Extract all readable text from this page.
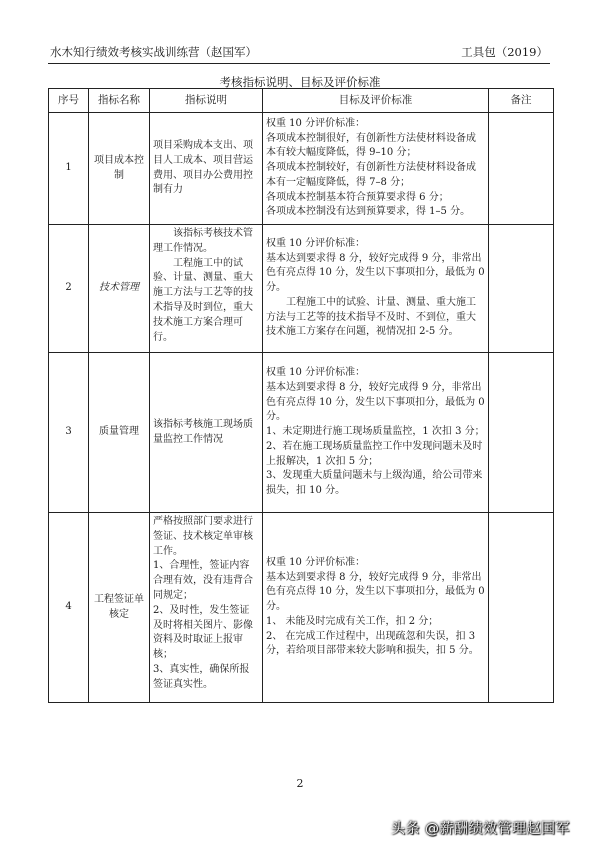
水木知行绩效考核实战训练营（赵国军）	工具包（2019）
考核指标说明、目标及评价标准
序号	指标名称	指标说明	目标及评价标准	备注
1	项目成本控制	项目采购成本支出、项目人工成本、项目营运费用、项目办公费用控制有力	权重 10 分评价标准：
各项成本控制很好，有创新性方法使材料设备成本有较大幅度降低，得 9–10 分；
各项成本控制较好，有创新性方法使材料设备成本有一定幅度降低，得 7–8 分；
各项成本控制基本符合预算要求得 6 分；
各项成本控制没有达到预算要求，得 1–5 分。	

2	技术管理	该指标考核技术管理工作情况。
工程施工中的试验、计量、测量、重大施工方法与工艺等的技术指导及时到位，重大技术施工方案合理可行。	权重 10 分评价标准：
基本达到要求得 8 分，较好完成得 9 分，非常出色有亮点得 10 分，发生以下事项扣分，最低为 0 分。
工程施工中的试验、计量、测量、重大施工方法与工艺等的技术指导不及时、不到位，重大技术施工方案存在问题，视情况扣 2-5 分。	

3	质量管理	该指标考核施工现场质量监控工作情况	权重 10 分评价标准：
基本达到要求得 8 分，较好完成得 9 分，非常出色有亮点得 10 分，发生以下事项扣分，最低为 0 分。
1、未定期进行施工现场质量监控，1 次扣 3 分；
2、若在施工现场质量监控工作中发现问题未及时上报解决，1 次扣 5 分；
3、发现重大质量问题未与上级沟通，给公司带来损失，扣 10 分。	

4	工程签证单核定	严格按照部门要求进行签证、技术核定单审核工作。
1、合理性，签证内容合理有效，没有违背合同规定；
2、及时性，发生签证及时将相关图片、影像资料及时取证上报审核；
3、真实性，确保所报签证真实性。	权重 10 分评价标准：
基本达到要求得 8 分，较好完成得 9 分，非常出色有亮点得 10 分，发生以下事项扣分，最低为 0 分。
1、 未能及时完成有关工作，扣 2 分；
2、 在完成工作过程中，出现疏忽和失误，扣 3 分，若给项目部带来较大影响和损失，扣 5 分。	

2
头条 @薪酬绩效管理赵国军
